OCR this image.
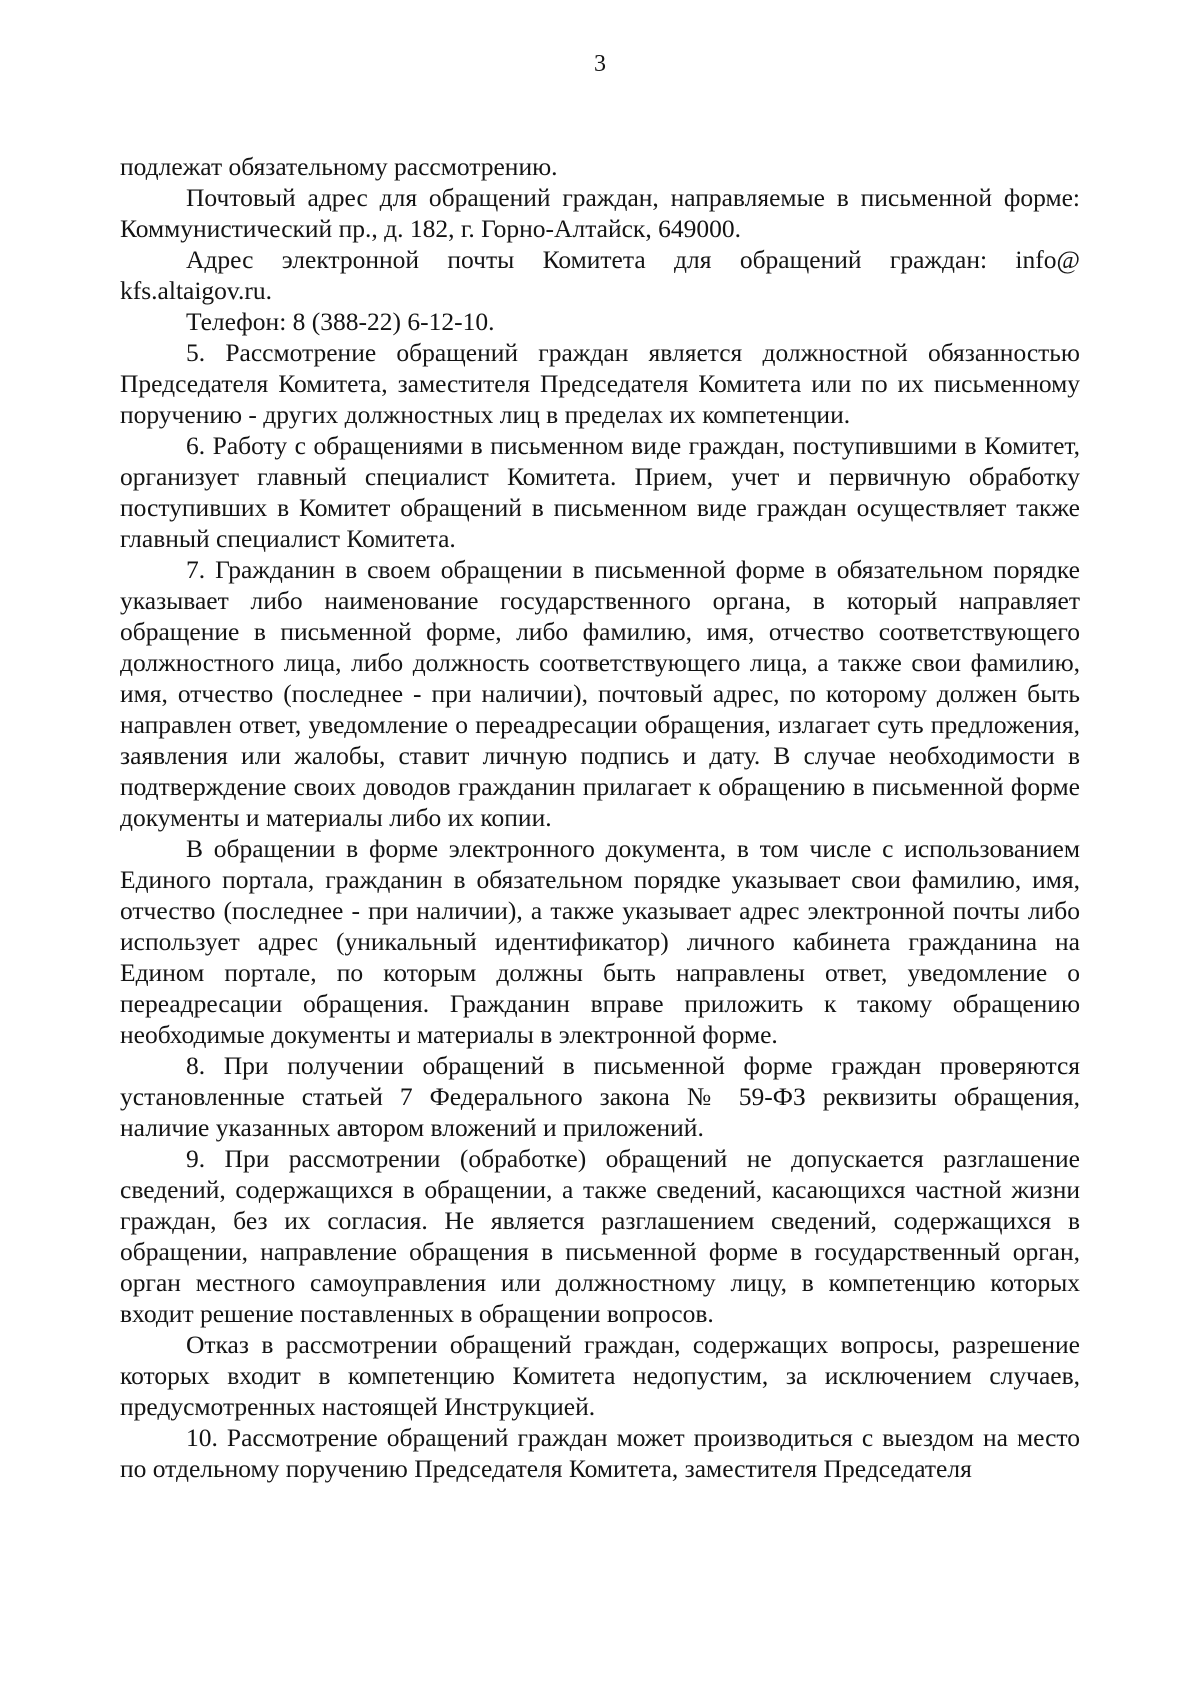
3

подлежат обязательному рассмотрению.

Почтовый адрес для обращений граждан, направляемые в письменной форме: Коммунистический пр., д. 182, г. Горно-Алтайск, 649000.

Адрес электронной почты Комитета для обращений граждан: info@ kfs.altaigov.ru.

Телефон: 8 (388-22) 6-12-10.

5. Рассмотрение обращений граждан является должностной обязанностью Председателя Комитета, заместителя Председателя Комитета или по их письменному поручению - других должностных лиц в пределах их компетенции.

6. Работу с обращениями в письменном виде граждан, поступившими в Комитет, организует главный специалист Комитета. Прием, учет и первичную обработку поступивших в Комитет обращений в письменном виде граждан осуществляет также главный специалист Комитета.

7. Гражданин в своем обращении в письменной форме в обязательном порядке указывает либо наименование государственного органа, в который направляет обращение в письменной форме, либо фамилию, имя, отчество соответствующего должностного лица, либо должность соответствующего лица, а также свои фамилию, имя, отчество (последнее - при наличии), почтовый адрес, по которому должен быть направлен ответ, уведомление о переадресации обращения, излагает суть предложения, заявления или жалобы, ставит личную подпись и дату. В случае необходимости в подтверждение своих доводов гражданин прилагает к обращению в письменной форме документы и материалы либо их копии.

В обращении в форме электронного документа, в том числе с использованием Единого портала, гражданин в обязательном порядке указывает свои фамилию, имя, отчество (последнее - при наличии), а также указывает адрес электронной почты либо использует адрес (уникальный идентификатор) личного кабинета гражданина на Едином портале, по которым должны быть направлены ответ, уведомление о переадресации обращения. Гражданин вправе приложить к такому обращению необходимые документы и материалы в электронной форме.

8. При получении обращений в письменной форме граждан проверяются установленные статьей 7 Федерального закона № 59-ФЗ реквизиты обращения, наличие указанных автором вложений и приложений.

9. При рассмотрении (обработке) обращений не допускается разглашение сведений, содержащихся в обращении, а также сведений, касающихся частной жизни граждан, без их согласия. Не является разглашением сведений, содержащихся в обращении, направление обращения в письменной форме в государственный орган, орган местного самоуправления или должностному лицу, в компетенцию которых входит решение поставленных в обращении вопросов.

Отказ в рассмотрении обращений граждан, содержащих вопросы, разрешение которых входит в компетенцию Комитета недопустим, за исключением случаев, предусмотренных настоящей Инструкцией.

10. Рассмотрение обращений граждан может производиться с выездом на место по отдельному поручению Председателя Комитета, заместителя Председателя
